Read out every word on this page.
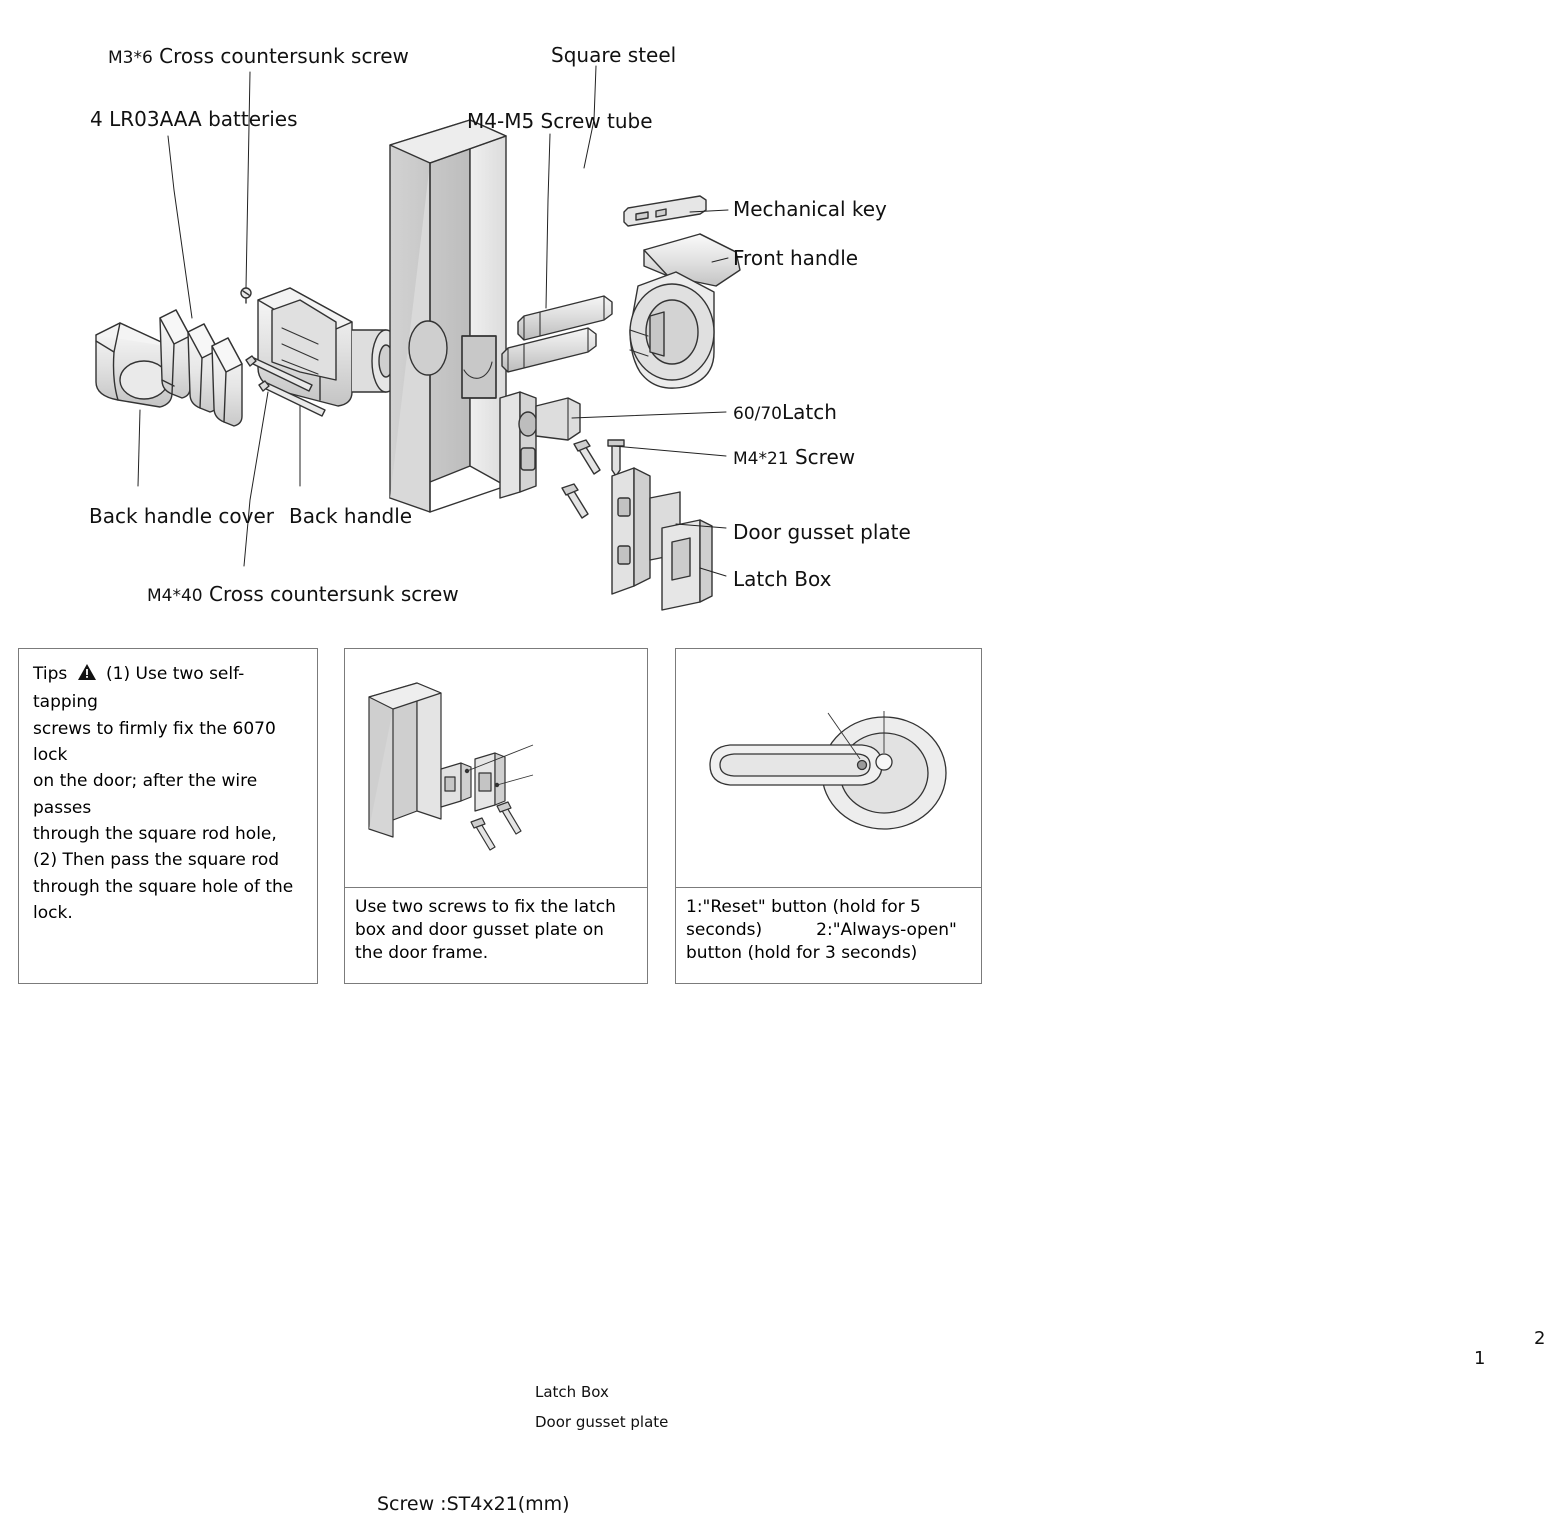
M3*6 Cross countersunk screw
4 LR03AAA batteries
Square steel
M4-M5 Screw tube
Mechanical key
Front handle
60/70Latch
M4*21 Screw
Door gusset plate
Latch Box
Back handle cover Back handle
M4*40 Cross countersunk screw
Tips (1) Use two self-tapping
screws to firmly fix the 6070 lock
on the door; after the wire passes
through the square rod hole,
(2) Then pass the square rod
through the square hole of the
lock.
Latch Box
Door gusset plate
Screw :ST4x21(mm)
Use two screws to fix the latch box and door gusset plate on the door frame.
1
2
1:"Reset" button (hold for 5
seconds)          2:"Always-open"
button (hold for 3 seconds)
